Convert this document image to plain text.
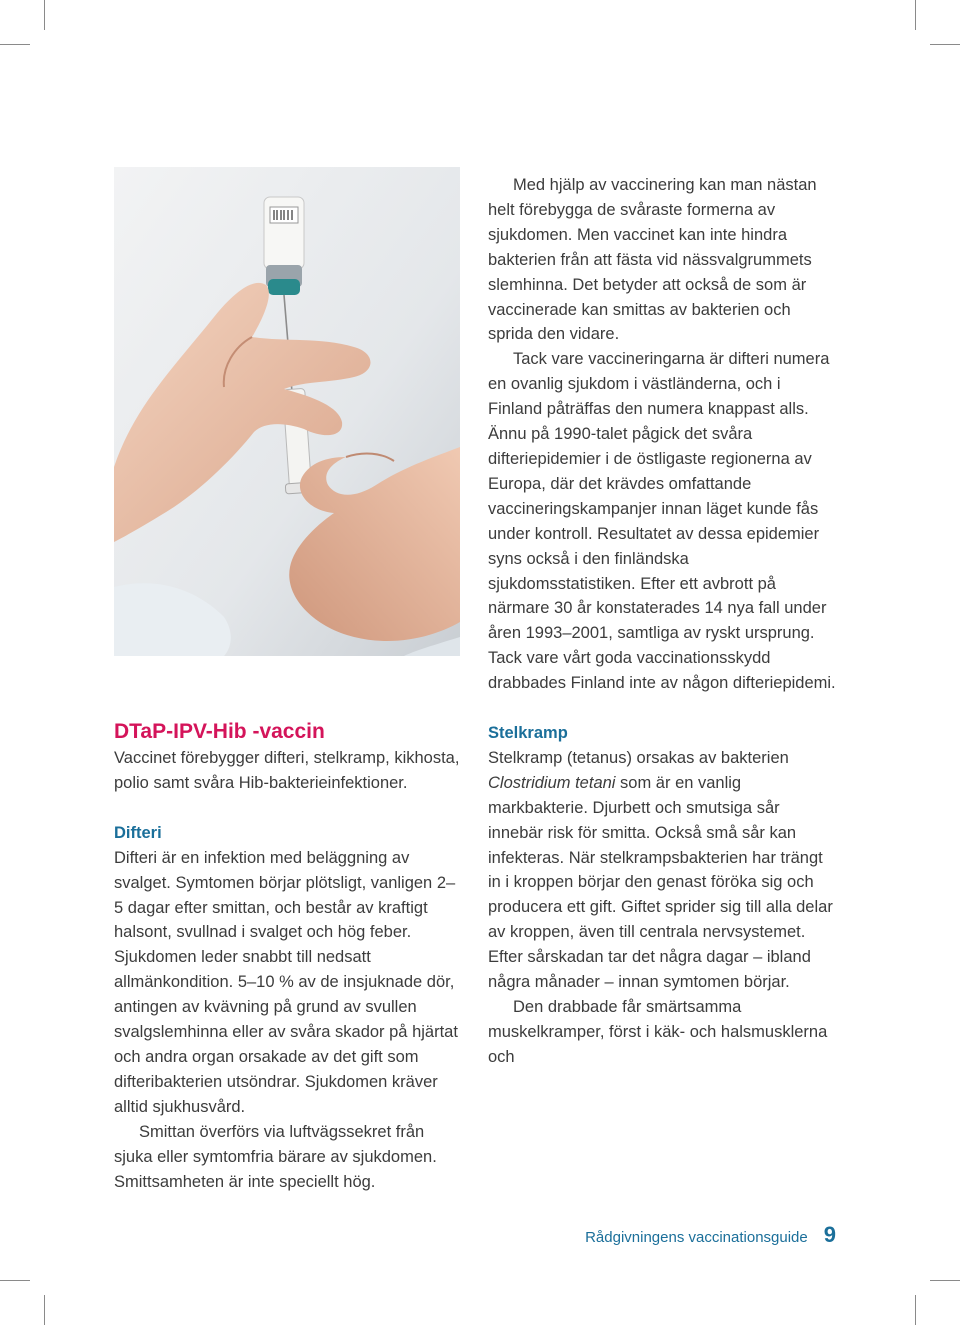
DTaP-IPV-Hib -vaccin

Vaccinet förebygger difteri, stelkramp, kikhosta, polio samt svåra Hib-bakterieinfektioner.

Difteri

Difteri är en infektion med beläggning av svalget. Symtomen börjar plötsligt, vanligen 2–5 dagar efter smittan, och består av kraftigt halsont, svullnad i svalget och hög feber. Sjukdomen leder snabbt till nedsatt allmänkondition. 5–10 % av de insjuknade dör, antingen av kvävning på grund av svullen svalgslemhinna eller av svåra skador på hjärtat och andra organ orsakade av det gift som difteribakterien utsöndrar. Sjukdomen kräver alltid sjukhusvård.

Smittan överförs via luftvägssekret från sjuka eller symtomfria bärare av sjukdomen. Smittsamheten är inte speciellt hög.

Med hjälp av vaccinering kan man nästan helt förebygga de svåraste formerna av sjukdomen. Men vaccinet kan inte hindra bakterien från att fästa vid nässvalgrummets slemhinna. Det betyder att också de som är vaccinerade kan smittas av bakterien och sprida den vidare.

Tack vare vaccineringarna är difteri numera en ovanlig sjukdom i västländerna, och i Finland påträffas den numera knappast alls. Ännu på 1990-talet pågick det svåra difteriepidemier i de östligaste regionerna av Europa, där det krävdes omfattande vaccineringskampanjer innan läget kunde fås under kontroll. Resultatet av dessa epidemier syns också i den finländska sjukdomsstatistiken. Efter ett avbrott på närmare 30 år konstaterades 14 nya fall under åren 1993–2001, samtliga av ryskt ursprung. Tack vare vårt goda vaccinationsskydd drabbades Finland inte av någon difteriepidemi.

Stelkramp

Stelkramp (tetanus) orsakas av bakterien Clostridium tetani som är en vanlig markbakterie. Djurbett och smutsiga sår innebär risk för smitta. Också små sår kan infekteras. När stelkrampsbakterien har trängt in i kroppen börjar den genast föröka sig och producera ett gift. Giftet sprider sig till alla delar av kroppen, även till centrala nervsystemet. Efter sårskadan tar det några dagar – ibland några månader – innan symtomen börjar.

Den drabbade får smärtsamma muskelkramper, först i käk- och halsmusklerna och

Rådgivningens vaccinationsguide 9
